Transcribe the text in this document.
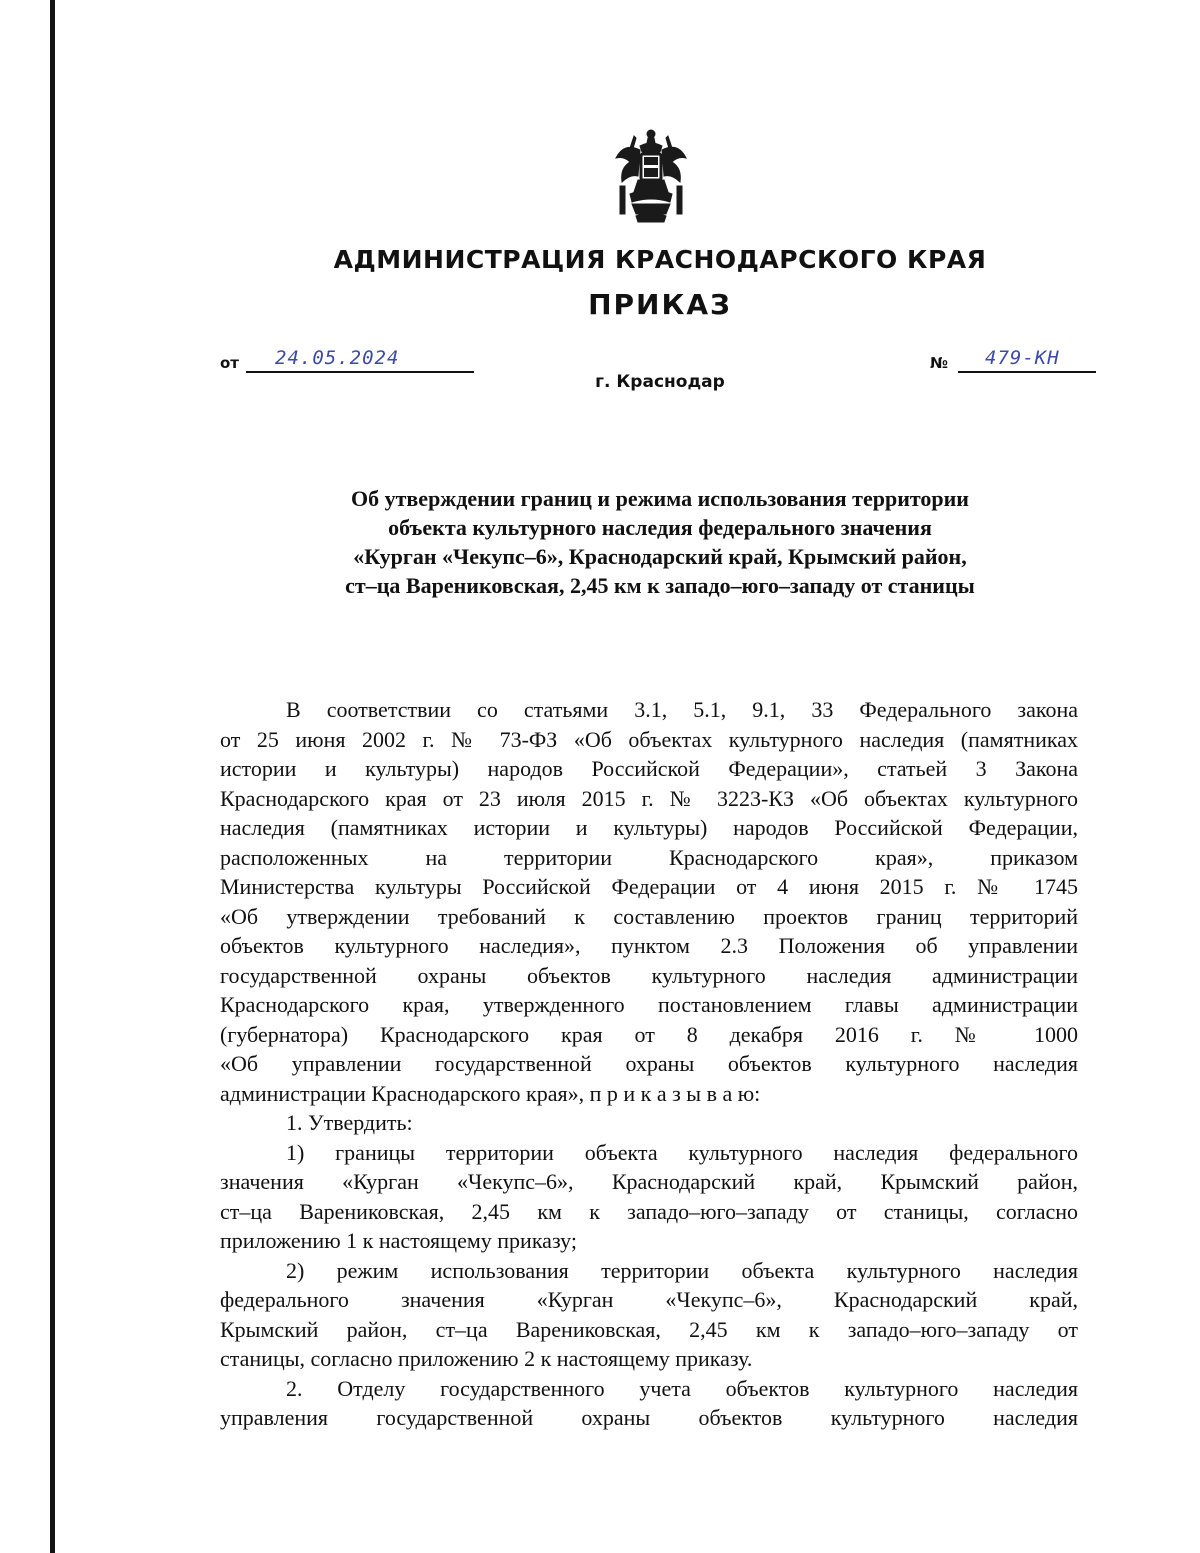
АДМИНИСТРАЦИЯ КРАСНОДАРСКОГО КРАЯ
ПРИКАЗ
от 24.05.2024	№ 479-КН
г. Краснодар
Об утверждении границ и режима использования территории
объекта культурного наследия федерального значения
«Курган «Чекупс–6», Краснодарский край, Крымский район,
ст–ца Варениковская, 2,45 км к западо–юго–западу от станицы
В соответствии со статьями 3.1, 5.1, 9.1, 33 Федерального закона
от 25 июня 2002 г. № 73-ФЗ «Об объектах культурного наследия (памятниках
истории и культуры) народов Российской Федерации», статьей 3 Закона
Краснодарского края от 23 июля 2015 г. № 3223-КЗ «Об объектах культурного
наследия (памятниках истории и культуры) народов Российской Федерации,
расположенных на территории Краснодарского края», приказом
Министерства культуры Российской Федерации от 4 июня 2015 г. № 1745
«Об утверждении требований к составлению проектов границ территорий
объектов культурного наследия», пунктом 2.3 Положения об управлении
государственной охраны объектов культурного наследия администрации
Краснодарского края, утвержденного постановлением главы администрации
(губернатора) Краснодарского края от 8 декабря 2016 г. № 1000
«Об управлении государственной охраны объектов культурного наследия
администрации Краснодарского края», п р и к а з ы в а ю:
1. Утвердить:
1) границы территории объекта культурного наследия федерального
значения «Курган «Чекупс–6», Краснодарский край, Крымский район,
ст–ца Варениковская, 2,45 км к западо–юго–западу от станицы, согласно
приложению 1 к настоящему приказу;
2) режим использования территории объекта культурного наследия
федерального значения «Курган «Чекупс–6», Краснодарский край,
Крымский район, ст–ца Варениковская, 2,45 км к западо–юго–западу от
станицы, согласно приложению 2 к настоящему приказу.
2. Отделу государственного учета объектов культурного наследия
управления государственной охраны объектов культурного наследия
